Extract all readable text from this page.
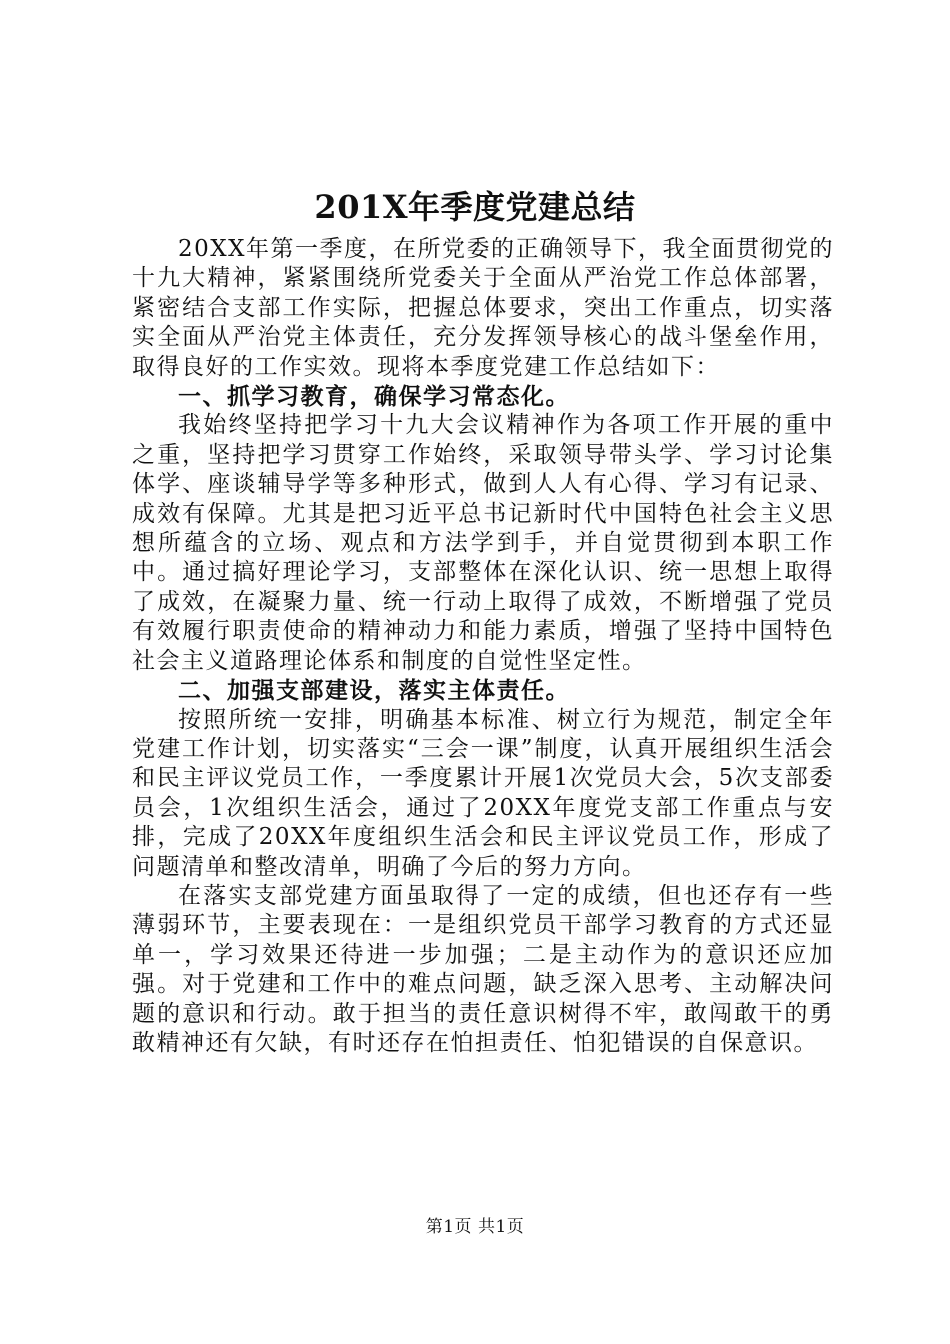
201X年季度党建总结

20XX年第一季度，在所党委的正确领导下，我全面贯彻党的十九大精神，紧紧围绕所党委关于全面从严治党工作总体部署，紧密结合支部工作实际，把握总体要求，突出工作重点，切实落实全面从严治党主体责任，充分发挥领导核心的战斗堡垒作用，取得良好的工作实效。现将本季度党建工作总结如下：

一、抓学习教育，确保学习常态化。

我始终坚持把学习十九大会议精神作为各项工作开展的重中之重，坚持把学习贯穿工作始终，采取领导带头学、学习讨论集体学、座谈辅导学等多种形式，做到人人有心得、学习有记录、成效有保障。尤其是把习近平总书记新时代中国特色社会主义思想所蕴含的立场、观点和方法学到手，并自觉贯彻到本职工作中。通过搞好理论学习，支部整体在深化认识、统一思想上取得了成效，在凝聚力量、统一行动上取得了成效，不断增强了党员有效履行职责使命的精神动力和能力素质，增强了坚持中国特色社会主义道路理论体系和制度的自觉性坚定性。

二、加强支部建设，落实主体责任。

按照所统一安排，明确基本标准、树立行为规范，制定全年党建工作计划，切实落实“三会一课”制度，认真开展组织生活会和民主评议党员工作，一季度累计开展1次党员大会，5次支部委员会，1次组织生活会，通过了20XX年度党支部工作重点与安排，完成了20XX年度组织生活会和民主评议党员工作，形成了问题清单和整改清单，明确了今后的努力方向。

在落实支部党建方面虽取得了一定的成绩，但也还存有一些薄弱环节，主要表现在：一是组织党员干部学习教育的方式还显单一，学习效果还待进一步加强；二是主动作为的意识还应加强。对于党建和工作中的难点问题，缺乏深入思考、主动解决问题的意识和行动。敢于担当的责任意识树得不牢，敢闯敢干的勇敢精神还有欠缺，有时还存在怕担责任、怕犯错误的自保意识。

第1页 共1页
